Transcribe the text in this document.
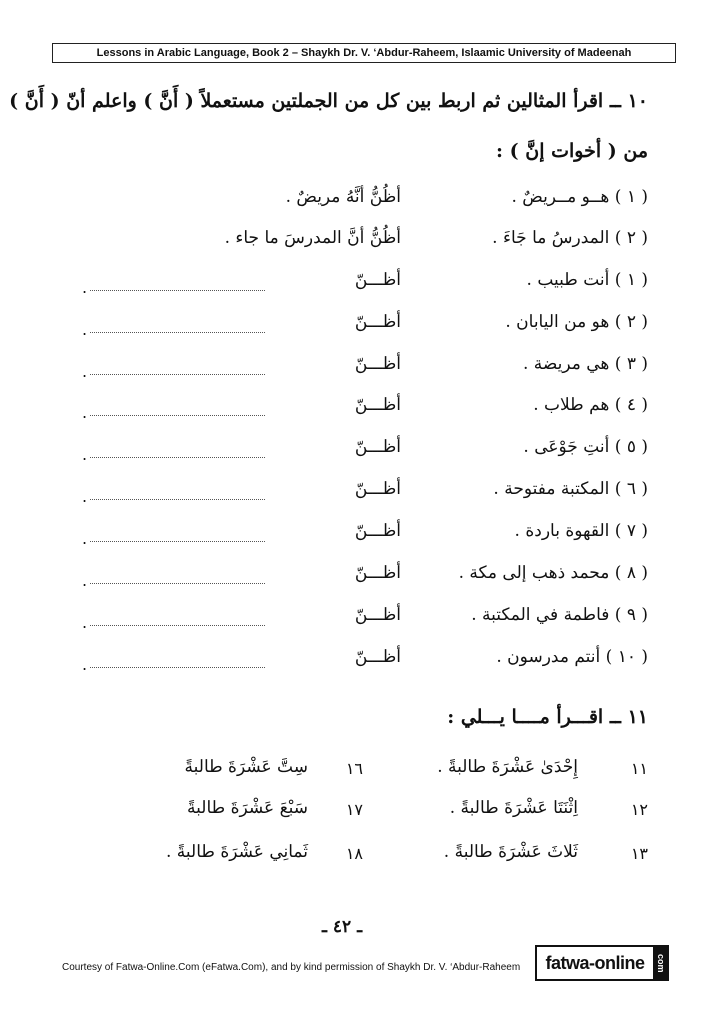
Lessons in Arabic Language, Book 2 – Shaykh Dr. V. ‘Abdur-Raheem, Islaamic University of Madeenah
١٠ ــ اقرأ المثالين ثم اربط بين كل من الجملتين مستعملاً ( أَنَّ ) واعلم أنّ ( أَنَّ )
من ( أخوات إنَّ ) :
( ١ ) هــو مــريضٌ .
أظُنُّ أنَّهُ مريضٌ .
( ٢ ) المدرسُ ما جَاءَ .
أظُنُّ أنَّ المدرسَ ما جاء .
( ١ ) أنت طبيب .
أظـــنّ
.
( ٢ ) هو من اليابان .
أظـــنّ
.
( ٣ ) هي مريضة .
أظـــنّ
.
( ٤ ) هم طلاب .
أظـــنّ
.
( ٥ ) أنتِ جَوْعَى .
أظـــنّ
.
( ٦ ) المكتبة مفتوحة .
أظـــنّ
.
( ٧ ) القهوة باردة .
أظـــنّ
.
( ٨ ) محمد ذهب إلى مكة .
أظـــنّ
.
( ٩ ) فاطمة في المكتبة .
أظـــنّ
.
( ١٠ ) أنتم مدرسون .
أظـــنّ
.
١١ ــ اقـــرأ مــــا يـــلي :
١١
إِحْدَىٰ عَشْرَةَ طالبةً .
١٦
سِتَّ عَشْرَةَ طالبةً
١٢
اِثْنَتَا عَشْرَةَ طالبةً .
١٧
سَبْعَ عَشْرَةَ طالبةً
١٣
ثَلاثَ عَشْرَةَ طالبةً .
١٨
ثَمانِي عَشْرَةَ طالبةً .
ـ ٤٢ ـ
Courtesy of Fatwa-Online.Com (eFatwa.Com), and by kind permission of Shaykh Dr. V. ‘Abdur-Raheem	fatwa-online	com
